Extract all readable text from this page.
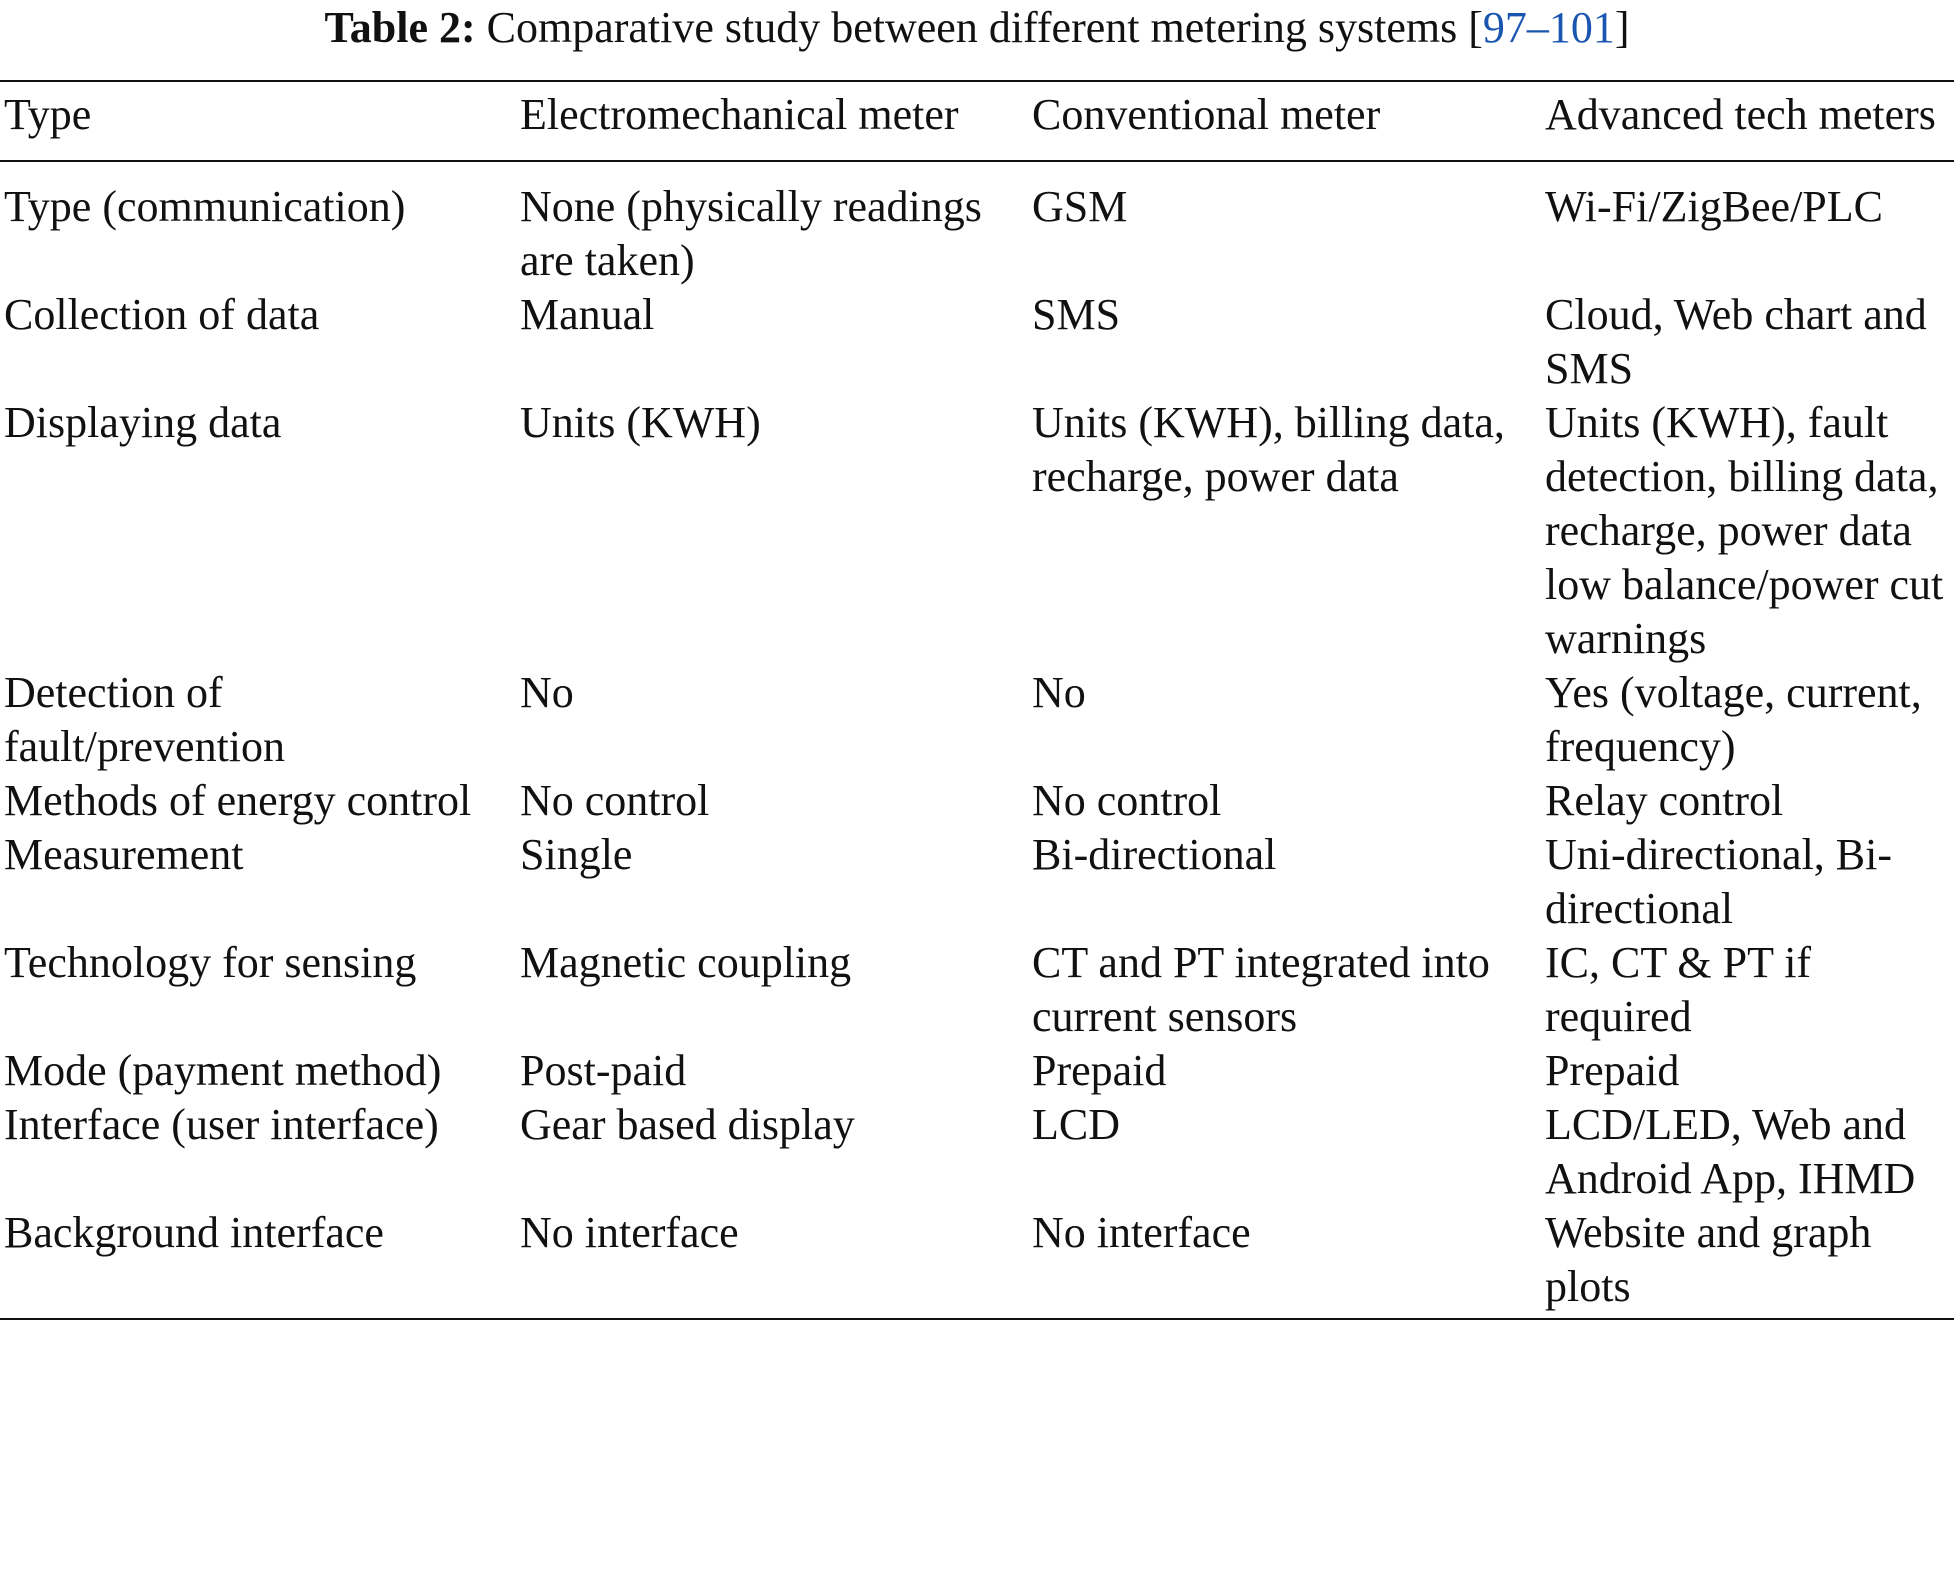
Table 2: Comparative study between different metering systems [97–101]
Type	Electromechanical meter	Conventional meter	Advanced tech meters
Type (communication)	None (physically readings are taken)	GSM	Wi-Fi/ZigBee/PLC
Collection of data	Manual	SMS	Cloud, Web chart and SMS
Displaying data	Units (KWH)	Units (KWH), billing data, recharge, power data	Units (KWH), fault detection, billing data, recharge, power data low balance/power cut warnings
Detection of fault/prevention	No	No	Yes (voltage, current, frequency)
Methods of energy control	No control	No control	Relay control
Measurement	Single	Bi-directional	Uni-directional, Bi-directional
Technology for sensing	Magnetic coupling	CT and PT integrated into current sensors	IC, CT & PT if required
Mode (payment method)	Post-paid	Prepaid	Prepaid
Interface (user interface)	Gear based display	LCD	LCD/LED, Web and Android App, IHMD
Background interface	No interface	No interface	Website and graph plots
